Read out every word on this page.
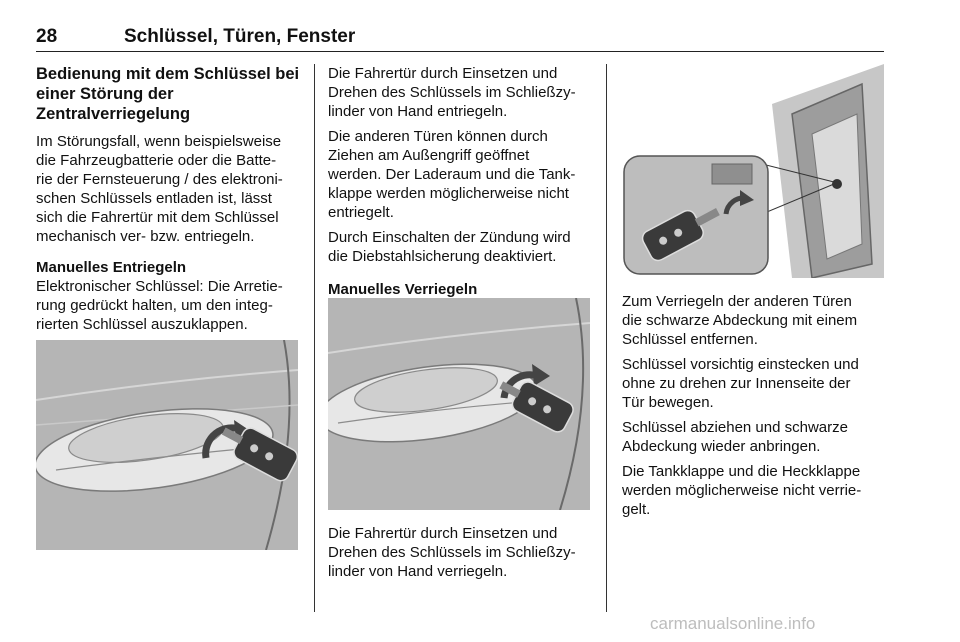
28	Schlüssel, Türen, Fenster
Bedienung mit dem Schlüssel bei
einer Störung der
Zentralverriegelung

Im Störungsfall, wenn beispielsweise
die Fahrzeugbatterie oder die Batte-
rie der Fernsteuerung / des elektroni-
schen Schlüssels entladen ist, lässt
sich die Fahrertür mit dem Schlüssel
mechanisch ver- bzw. entriegeln.

Manuelles Entriegeln

Elektronischer Schlüssel: Die Arretie-
rung gedrückt halten, um den integ-
rierten Schlüssel auszuklappen.

Die Fahrertür durch Einsetzen und
Drehen des Schlüssels im Schließzy-
linder von Hand entriegeln.

Die anderen Türen können durch
Ziehen am Außengriff geöffnet
werden. Der Laderaum und die Tank-
klappe werden möglicherweise nicht
entriegelt.

Durch Einschalten der Zündung wird
die Diebstahlsicherung deaktiviert.

Manuelles Verriegeln

Die Fahrertür durch Einsetzen und
Drehen des Schlüssels im Schließzy-
linder von Hand verriegeln.

Zum Verriegeln der anderen Türen
die schwarze Abdeckung mit einem
Schlüssel entfernen.

Schlüssel vorsichtig einstecken und
ohne zu drehen zur Innenseite der
Tür bewegen.

Schlüssel abziehen und schwarze
Abdeckung wieder anbringen.

Die Tankklappe und die Heckklappe
werden möglicherweise nicht verrie-
gelt.

carmanualsonline.info
